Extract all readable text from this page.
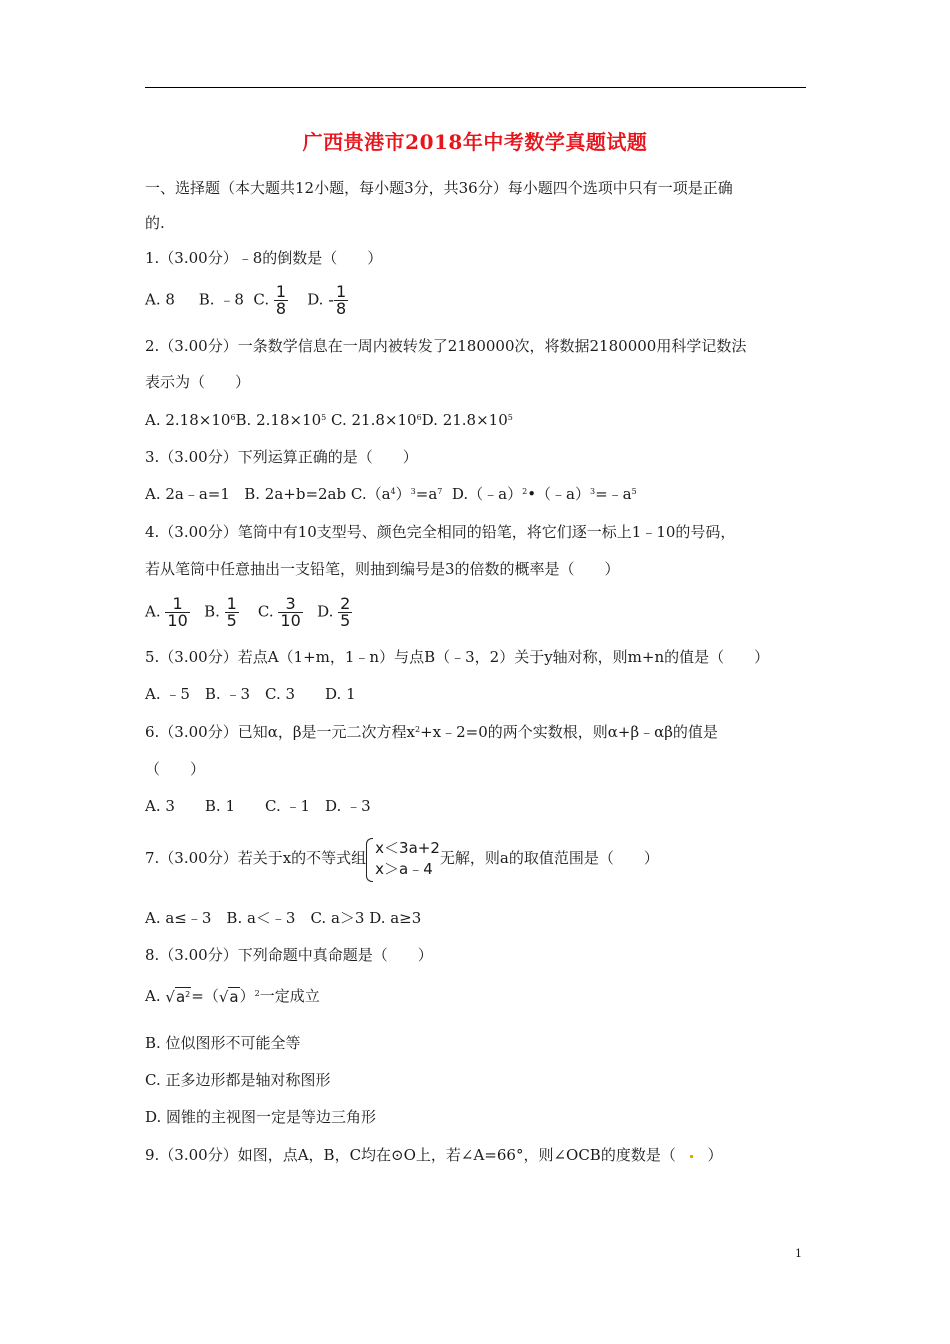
广西贵港市2018年中考数学真题试题
一、选择题（本大题共12小题，每小题3分，共36分）每小题四个选项中只有一项是正确
的.
1.（3.00分）﹣8的倒数是（　　）
A. 8 B. ﹣8 C. $\frac{1}{8} D$. - $\frac{1}{8}$
2.（3.00分）一条数学信息在一周内被转发了2180000次，将数据2180000用科学记数法
表示为（　　）
A. $2.18\times 10^6B$. $2.18\times 10^5$ C. $21.8\times 10^6D$. $21.8\times 10^5$
3.（3.00分）下列运算正确的是（　　）
A. 2a﹣a=1 B. 2a+b=2ab $C.(a^4)^3=a^7$ $D.(﹣a)^2•(﹣a)^3=﹣a^5$
4.（3.00分）笔筒中有10支型号、颜色完全相同的铅笔，将它们逐一标上1﹣10的号码，
若从笔筒中任意抽出一支铅笔，则抽到编号是3的倍数的概率是（　　）
A. $\frac{1}{10} B$. $\frac{1}{5} C$. $\frac{3}{10} D$. $\frac{2}{5}$
5.（3.00分）若点A（1+m，1﹣n）与点B（﹣3，2）关于y轴对称，则m+n的值是（　　）
A. ﹣5　B. ﹣3　C. 3　　D. 1
6.（3.00分）已知α，β是一元二次方程$x^2+x﹣2=0$的两个实数根，则α+β﹣αβ的值是
（　　）
A. 3　　B. 1　　C. ﹣1　D. ﹣3
7.（3.00分）若关于x的不等式组
x＜3a+2
x＞a﹣4
无解，则a的取值范围是（　　）
A. a≤﹣3　B. a＜﹣3　C. a＞3 D. a≥3
8.（3.00分）下列命题中真命题是（　　）
A. $√a^2=(√a)^2$一定成立
B. 位似图形不可能全等
C. 正多边形都是轴对称图形
D. 圆锥的主视图一定是等边三角形
9.（3.00分）如图，点A，B，C均在⊙O上，若∠A=66°，则∠OCB的度数是（ ）
1
